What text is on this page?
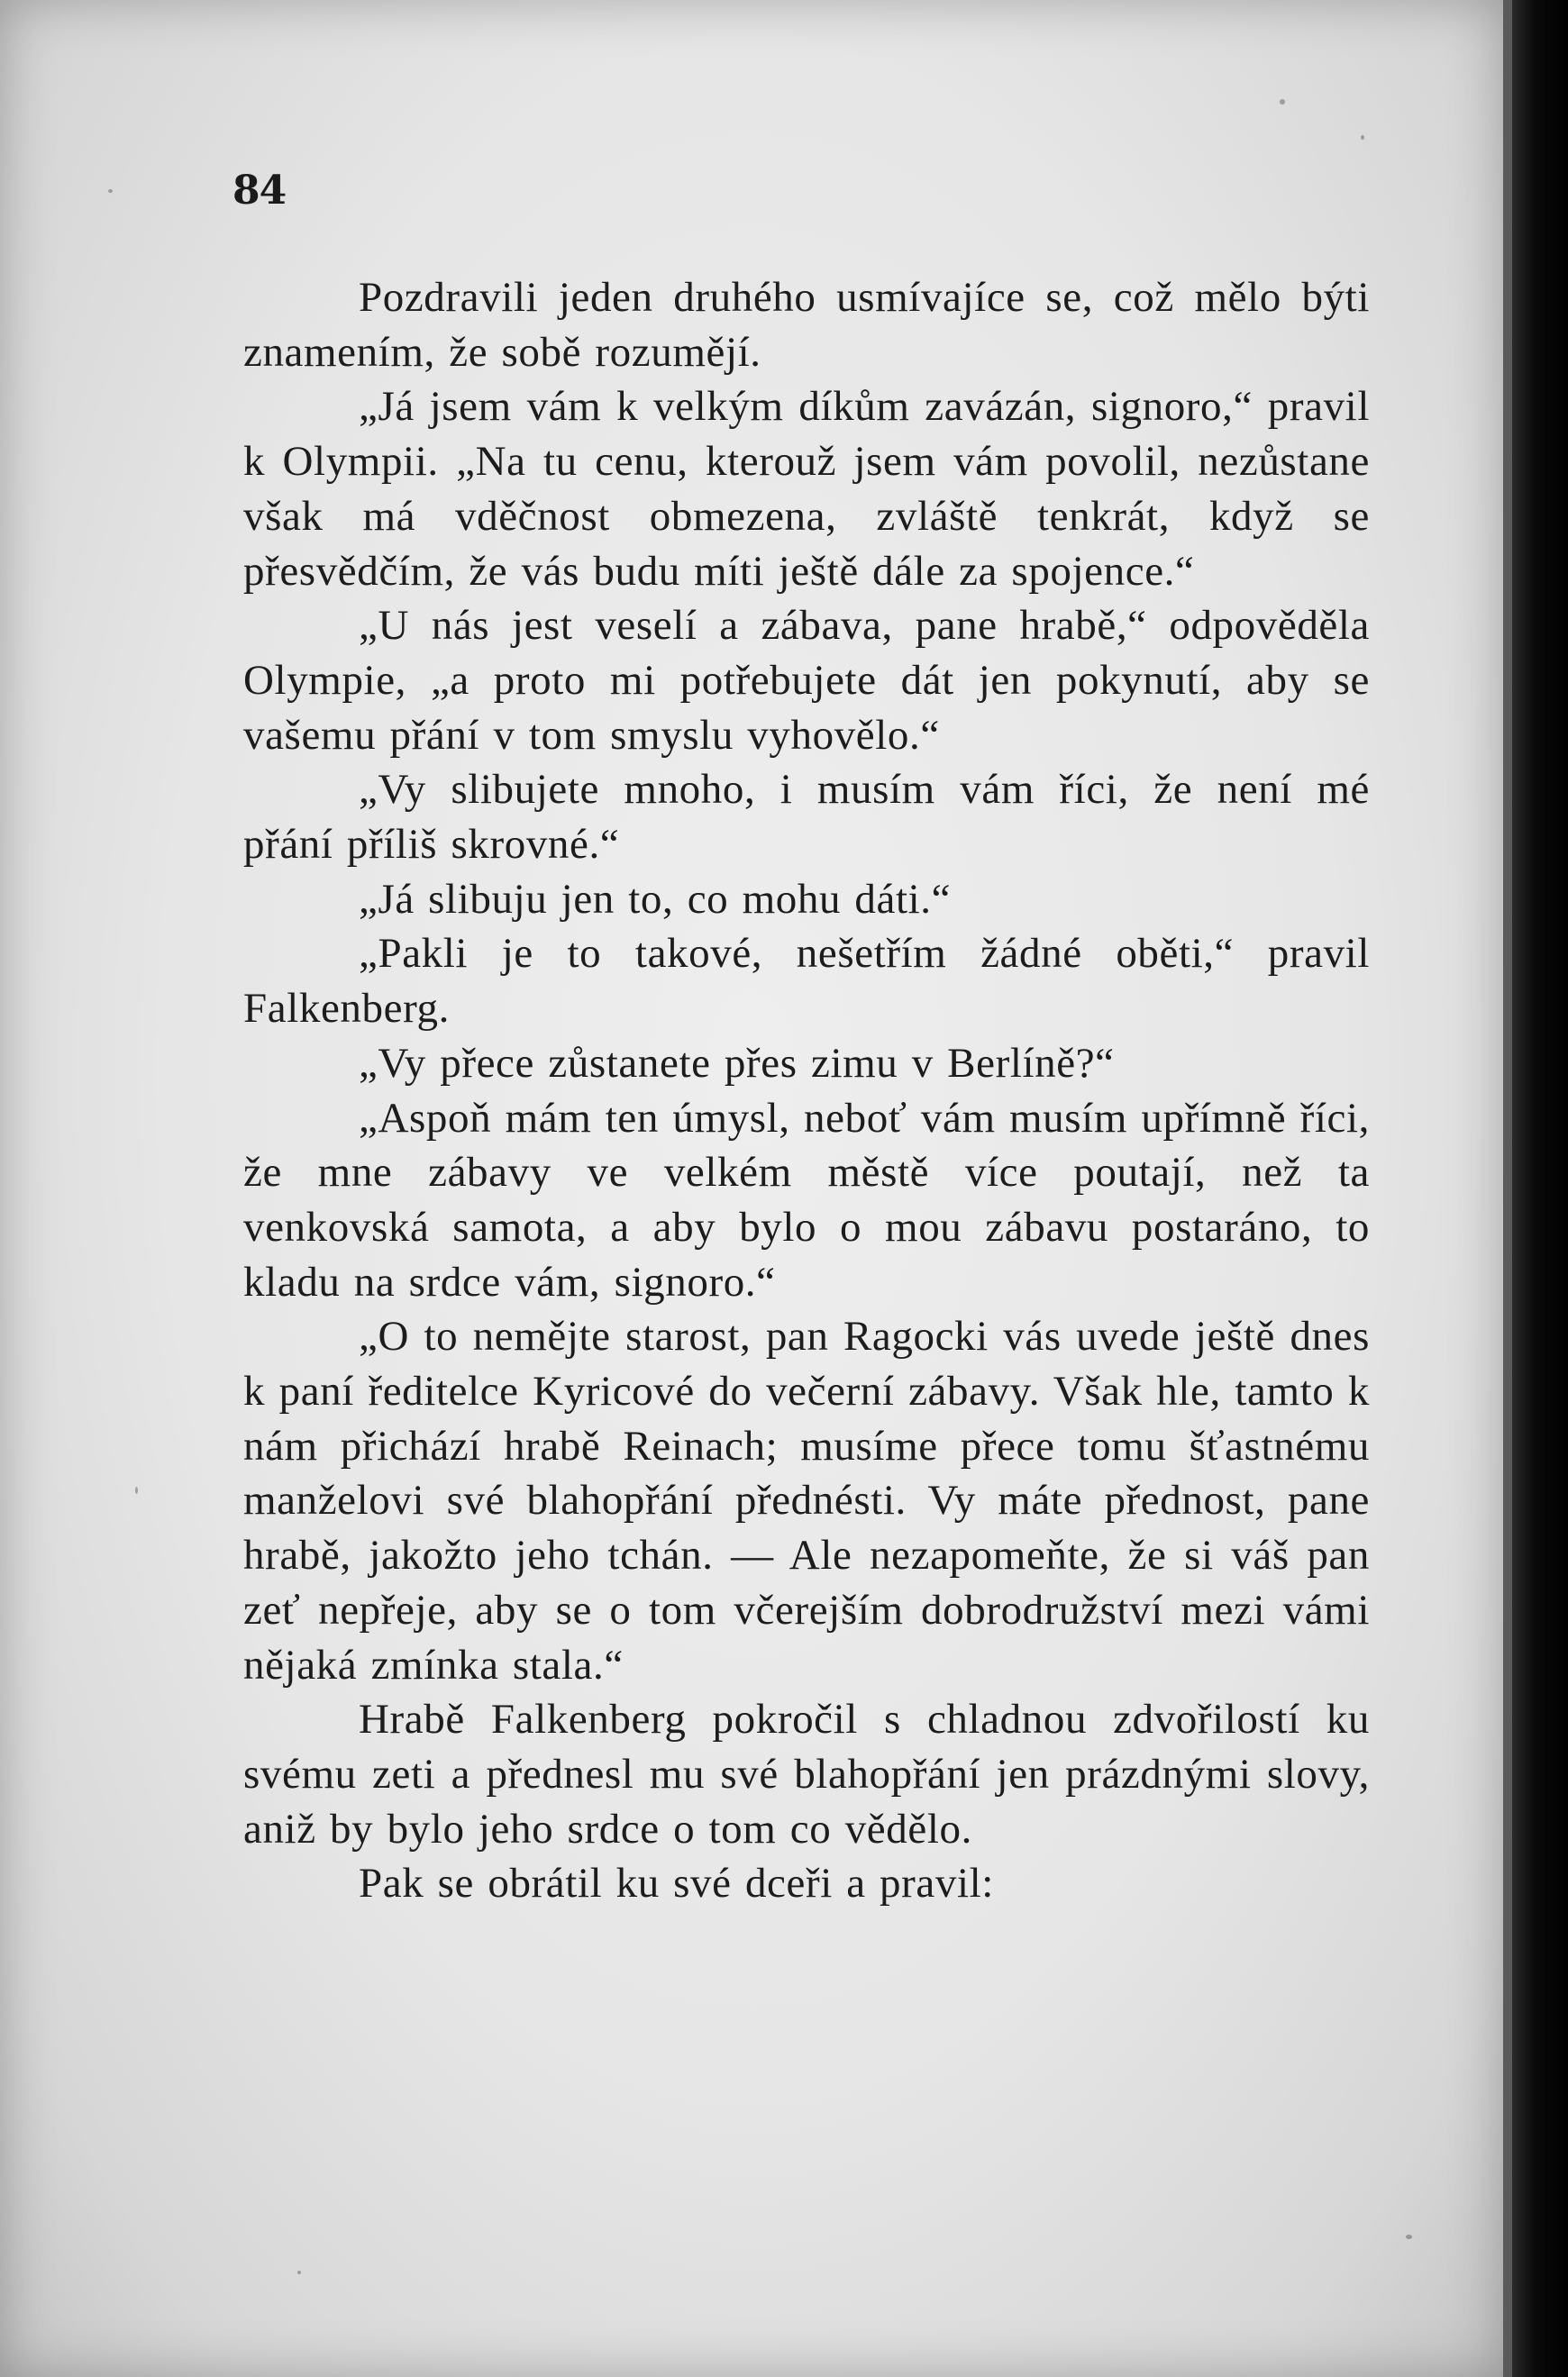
84

Pozdravili jeden druhého usmívajíce se, což mělo býti znamením, že sobě rozumějí.

„Já jsem vám k velkým díkům zavázán, signoro,“ pravil k Olympii. „Na tu cenu, kterouž jsem vám povolil, nezůstane však má vděčnost obmezena, zvláště tenkrát, když se přesvědčím, že vás budu míti ještě dále za spojence.“

„U nás jest veselí a zábava, pane hrabě,“ odpověděla Olympie, „a proto mi potřebujete dát jen pokynutí, aby se vašemu přání v tom smyslu vyhovělo.“

„Vy slibujete mnoho, i musím vám říci, že není mé přání příliš skrovné.“

„Já slibuju jen to, co mohu dáti.“

„Pakli je to takové, nešetřím žádné oběti,“ pravil Falkenberg.

„Vy přece zůstanete přes zimu v Berlíně?“

„Aspoň mám ten úmysl, neboť vám musím upřímně říci, že mne zábavy ve velkém městě více poutají, než ta venkovská samota, a aby bylo o mou zábavu postaráno, to kladu na srdce vám, signoro.“

„O to nemějte starost, pan Ragocki vás uvede ještě dnes k paní ředitelce Kyricové do večerní zábavy. Však hle, tamto k nám přichází hrabě Reinach; musíme přece tomu šťastnému manželovi své blahopřání přednésti. Vy máte přednost, pane hrabě, jakožto jeho tchán. — Ale nezapomeňte, že si váš pan zeť nepřeje, aby se o tom včerejším dobrodružství mezi vámi nějaká zmínka stala.“

Hrabě Falkenberg pokročil s chladnou zdvořilostí ku svému zeti a přednesl mu své blahopřání jen prázdnými slovy, aniž by bylo jeho srdce o tom co vědělo.

Pak se obrátil ku své dceři a pravil:
